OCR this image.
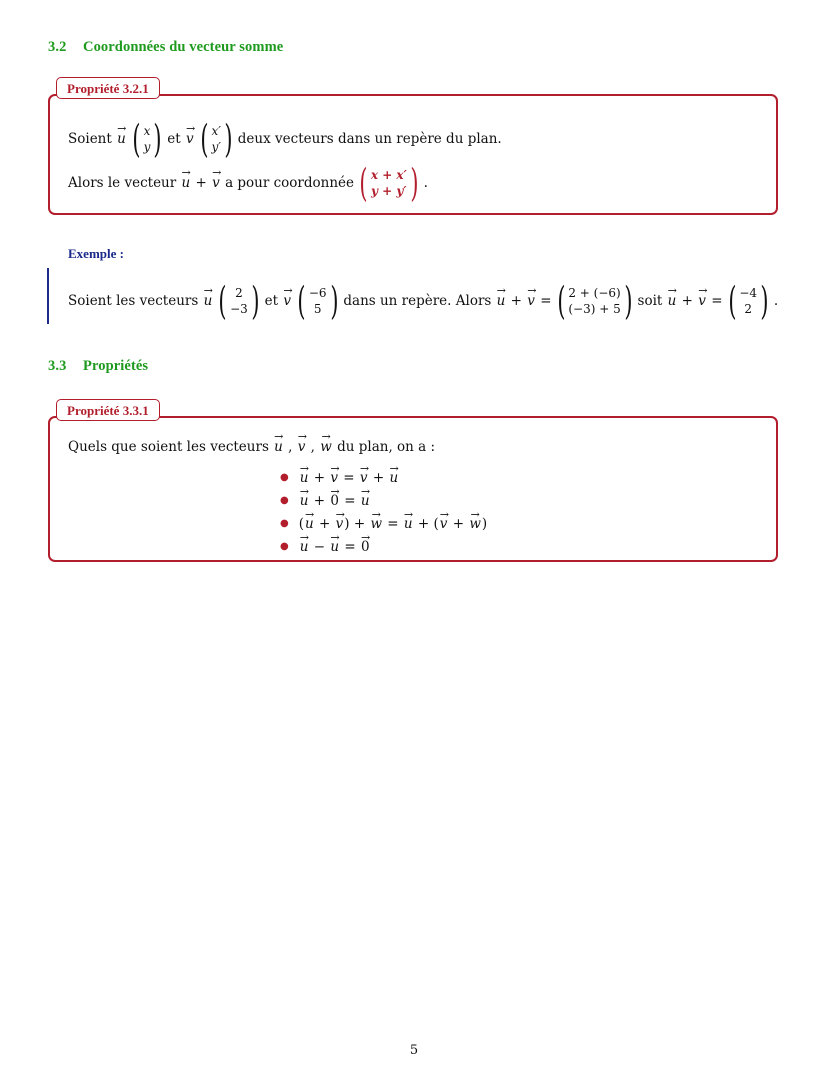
3.2 Coordonnées du vecteur somme
Propriété 3.2.1
Soient
→ u ( x
y ) et
→ v ( x′
y′ ) deux vecteurs dans un repère du plan.
Alors le vecteur
→ u
+
→ v
a pour coordonnée ( x + x′
y + y′ ) .
Exemple :
Soient les vecteurs
→ u ( 2
−3 ) et
→ v ( −6
5 ) dans un repère. Alors
→ u
+
→ v
= ( 2 + (−6)
(−3) + 5 ) soit
→ u
+
→ v
= ( −4
2 ) .
3.3 Propriétés
Propriété 3.3.1
Quels que soient les vecteurs
→ u , → v , → w
du plan, on a :
● → u + → v = → v + → u
● → u + → 0 = → u
● ( → u + → v ) + → w = → u + ( → v + → w )
● → u − → u = → 0
5
